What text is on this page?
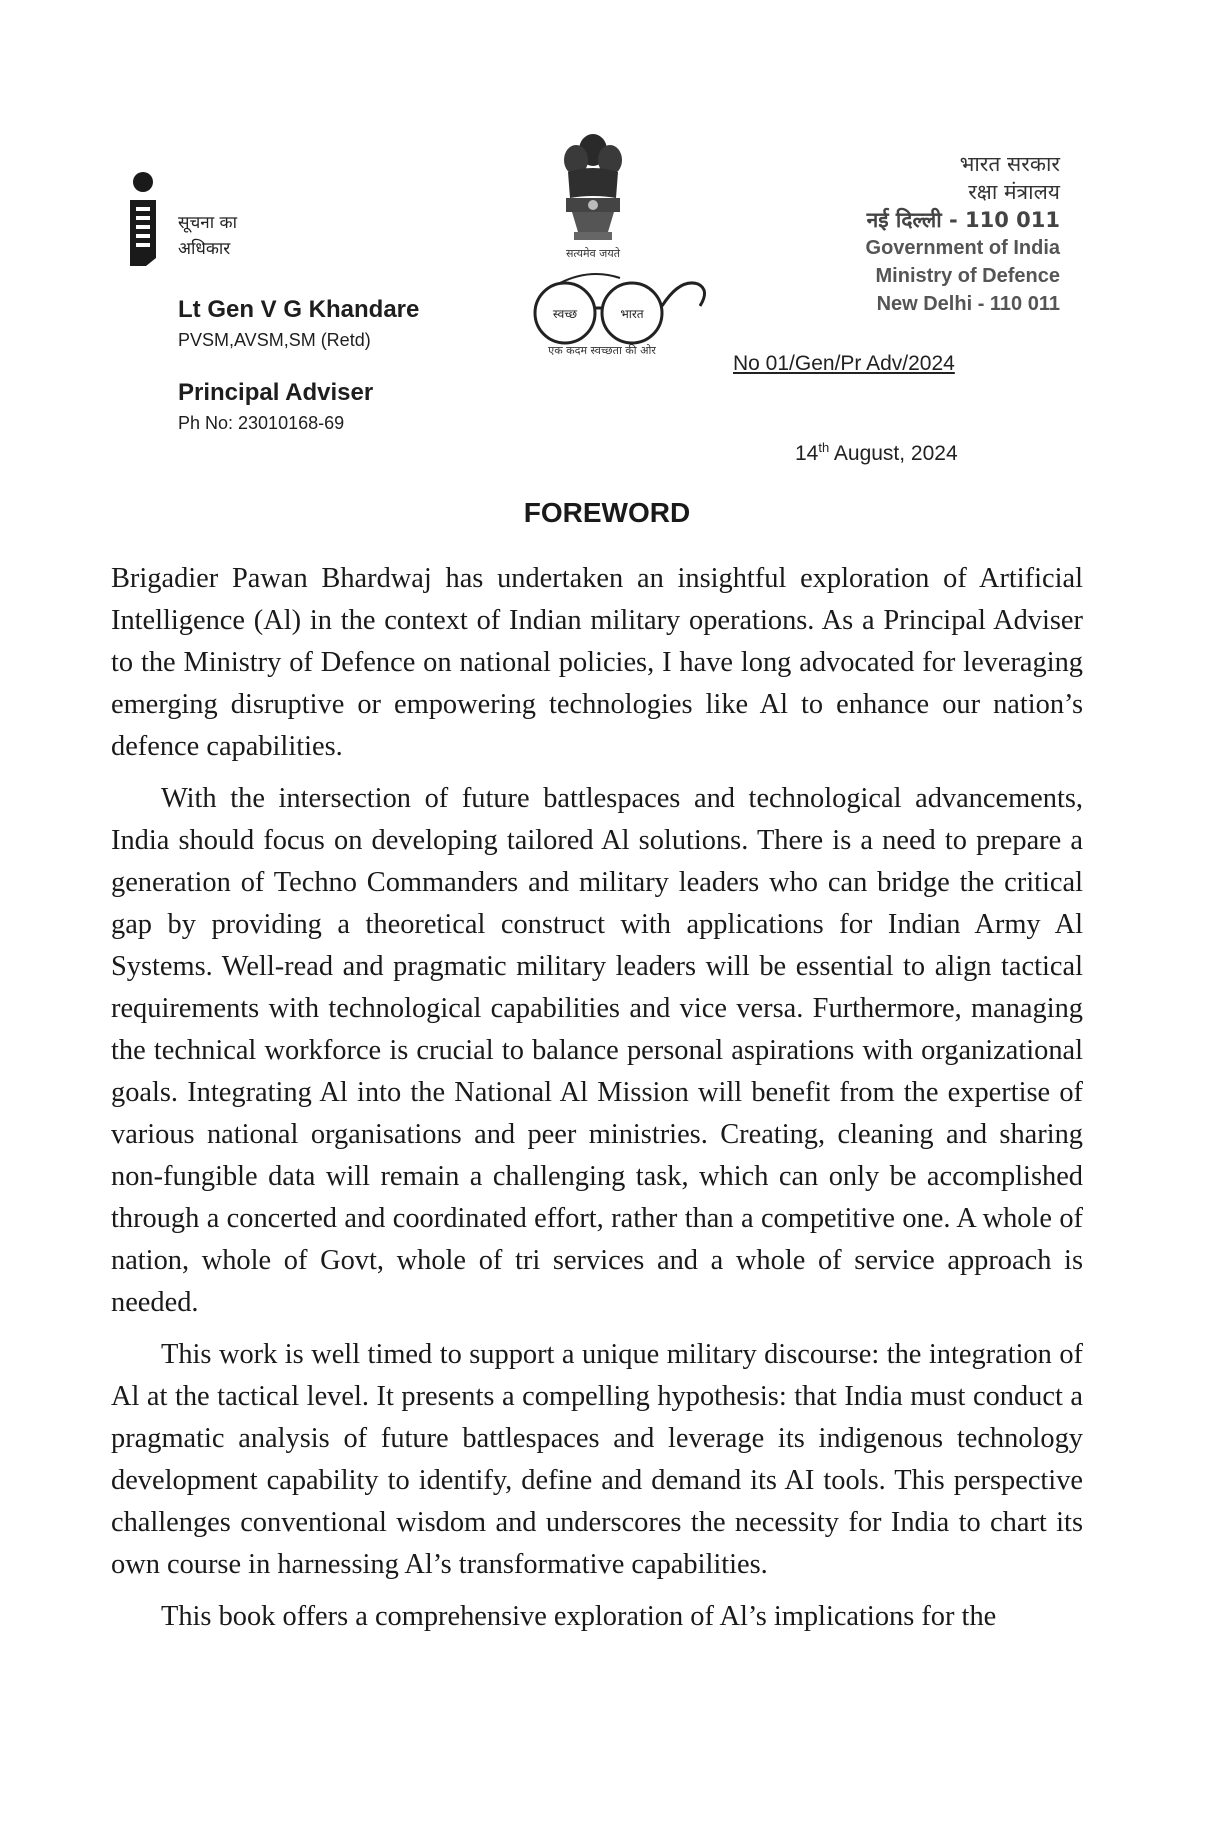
सूचना का
अधिकार
Lt Gen V G Khandare
PVSM,AVSM,SM (Retd)
Principal Adviser
Ph No: 23010168-69
सत्यमेव जयते
स्वच्छ	भारत
एक कदम स्वच्छता की ओर
भारत सरकार
रक्षा मंत्रालय
नई दिल्ली - 110 011
Government of India
Ministry of Defence
New Delhi - 110 011
No 01/Gen/Pr Adv/2024
14th August, 2024
FOREWORD

Brigadier Pawan Bhardwaj has undertaken an insightful exploration of Artificial Intelligence (Al) in the context of Indian military operations. As a Principal Adviser to the Ministry of Defence on national policies, I have long advocated for leveraging emerging disruptive or empowering technologies like Al to enhance our nation’s defence capabilities.

With the intersection of future battlespaces and technological advancements, India should focus on developing tailored Al solutions. There is a need to prepare a generation of Techno Commanders and military leaders who can bridge the critical gap by providing a theoretical construct with applications for Indian Army Al Systems. Well-read and pragmatic military leaders will be essential to align tactical requirements with technological capabilities and vice versa. Furthermore, managing the technical workforce is crucial to balance personal aspirations with organizational goals. Integrating Al into the National Al Mission will benefit from the expertise of various national organisations and peer ministries. Creating, cleaning and sharing non-fungible data will remain a challenging task, which can only be accomplished through a concerted and coordinated effort, rather than a competitive one. A whole of nation, whole of Govt, whole of tri services and a whole of service approach is needed.

This work is well timed to support a unique military discourse: the integration of Al at the tactical level. It presents a compelling hypothesis: that India must conduct a pragmatic analysis of future battlespaces and leverage its indigenous technology development capability to identify, define and demand its AI tools. This perspective challenges conventional wisdom and underscores the necessity for India to chart its own course in harnessing Al’s transformative capabilities.

This book offers a comprehensive exploration of Al’s implications for the
